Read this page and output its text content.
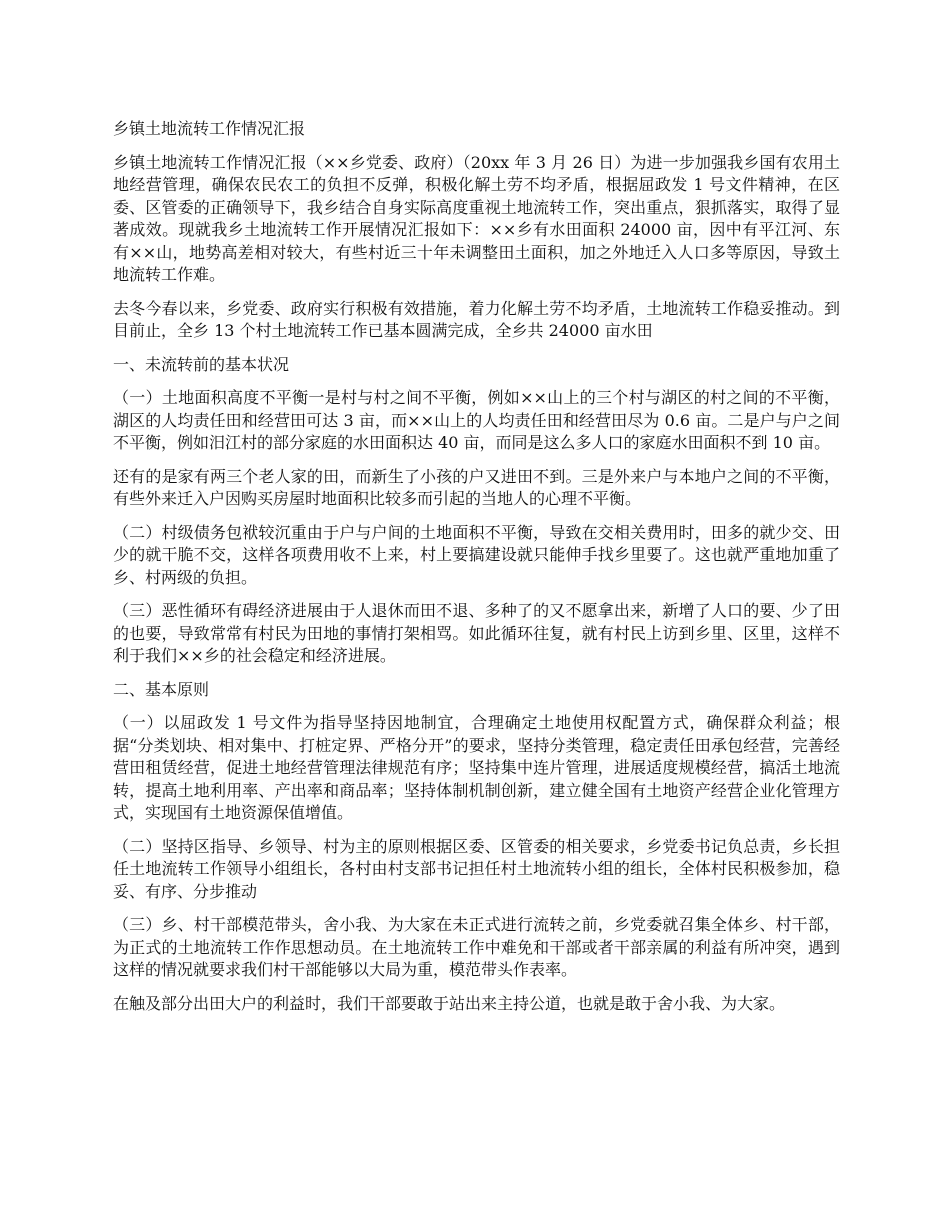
乡镇土地流转工作情况汇报

乡镇土地流转工作情况汇报（××乡党委、政府）（20xx 年 3 月 26 日）为进一步加强我乡国有农用土地经营管理，确保农民农工的负担不反弹，积极化解土劳不均矛盾，根据屈政发 1 号文件精神，在区委、区管委的正确领导下，我乡结合自身实际高度重视土地流转工作，突出重点，狠抓落实，取得了显著成效。现就我乡土地流转工作开展情况汇报如下：××乡有水田面积 24000 亩，因中有平江河、东有××山，地势高差相对较大，有些村近三十年未调整田土面积，加之外地迁入人口多等原因，导致土地流转工作难。

去冬今春以来，乡党委、政府实行积极有效措施，着力化解土劳不均矛盾，土地流转工作稳妥推动。到目前止，全乡 13 个村土地流转工作已基本圆满完成，全乡共 24000 亩水田

一、未流转前的基本状况

（一）土地面积高度不平衡一是村与村之间不平衡，例如××山上的三个村与湖区的村之间的不平衡，湖区的人均责任田和经营田可达 3 亩，而××山上的人均责任田和经营田尽为 0.6 亩。二是户与户之间不平衡，例如汨江村的部分家庭的水田面积达 40 亩，而同是这么多人口的家庭水田面积不到 10 亩。

还有的是家有两三个老人家的田，而新生了小孩的户又进田不到。三是外来户与本地户之间的不平衡，有些外来迁入户因购买房屋时地面积比较多而引起的当地人的心理不平衡。

（二）村级债务包袱较沉重由于户与户间的土地面积不平衡，导致在交相关费用时，田多的就少交、田少的就干脆不交，这样各项费用收不上来，村上要搞建设就只能伸手找乡里要了。这也就严重地加重了乡、村两级的负担。

（三）恶性循环有碍经济进展由于人退休而田不退、多种了的又不愿拿出来，新增了人口的要、少了田的也要，导致常常有村民为田地的事情打架相骂。如此循环往复，就有村民上访到乡里、区里，这样不利于我们××乡的社会稳定和经济进展。

二、基本原则

（一）以屈政发 1 号文件为指导坚持因地制宜，合理确定土地使用权配置方式，确保群众利益；根据“分类划块、相对集中、打桩定界、严格分开”的要求，坚持分类管理，稳定责任田承包经营，完善经营田租赁经营，促进土地经营管理法律规范有序；坚持集中连片管理，进展适度规模经营，搞活土地流转，提高土地利用率、产出率和商品率；坚持体制机制创新，建立健全国有土地资产经营企业化管理方式，实现国有土地资源保值增值。

（二）坚持区指导、乡领导、村为主的原则根据区委、区管委的相关要求，乡党委书记负总责，乡长担任土地流转工作领导小组组长，各村由村支部书记担任村土地流转小组的组长，全体村民积极参加，稳妥、有序、分步推动

（三）乡、村干部模范带头，舍小我、为大家在未正式进行流转之前，乡党委就召集全体乡、村干部，为正式的土地流转工作作思想动员。在土地流转工作中难免和干部或者干部亲属的利益有所冲突，遇到这样的情况就要求我们村干部能够以大局为重，模范带头作表率。

在触及部分出田大户的利益时，我们干部要敢于站出来主持公道，也就是敢于舍小我、为大家。
